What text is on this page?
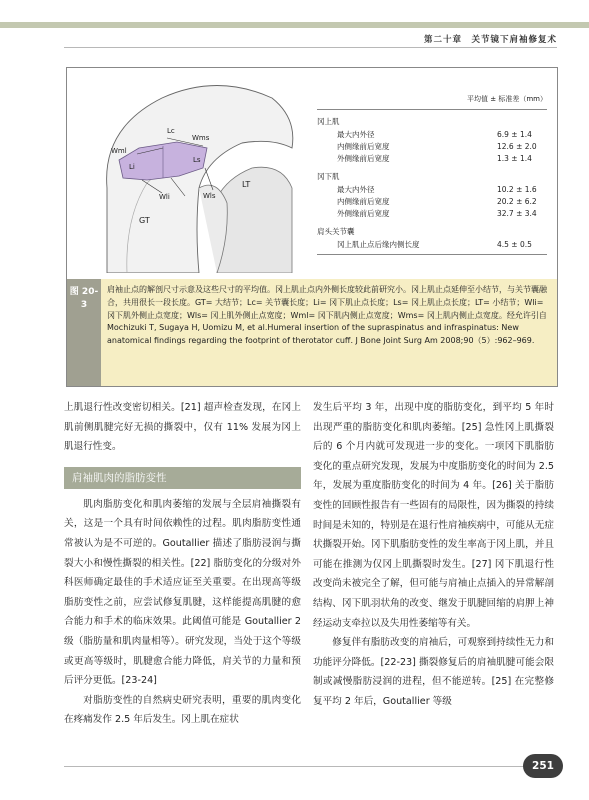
第二十章　关节镜下肩袖修复术
Lc
Wms
Wml
Ls
Li
Wli	Wls
LT
GT
平均值 ± 标准差（mm）
冈上肌
最大内外径	6.9 ± 1.4
内侧缘前后宽度	12.6 ± 2.0
外侧缘前后宽度	1.3 ± 1.4
冈下肌
最大内外径	10.2 ± 1.6
内侧缘前后宽度	20.2 ± 6.2
外侧缘前后宽度	32.7 ± 3.4
肩头关节囊
冈上肌止点后缘内侧长度	4.5 ± 0.5
图 20-3
肩袖止点的解剖尺寸示意及这些尺寸的平均值。冈上肌止点内外侧长度较此前研究小。冈上肌止点延伸至小结节，与关节囊融合，共用很长一段长度。GT= 大结节；Lc= 关节囊长度；Li= 冈下肌止点长度；Ls= 冈上肌止点长度；LT= 小结节；Wli= 冈下肌外侧止点宽度；Wls= 冈上肌外侧止点宽度；Wml= 冈下肌内侧止点宽度；Wms= 冈上肌内侧止点宽度。经允许引自 Mochizuki T, Sugaya H, Uomizu M, et al.Humeral insertion of the supraspinatus and infraspinatus: New anatomical findings regarding the footprint of therotator cuff. J Bone Joint Surg Am 2008;90（5）:962–969.

上肌退行性改变密切相关。[21] 超声检查发现，在冈上肌前侧肌腱完好无损的撕裂中，仅有 11% 发展为冈上肌退行性变。

肩袖肌肉的脂肪变性

肌肉脂肪变化和肌肉萎缩的发展与全层肩袖撕裂有关，这是一个具有时间依赖性的过程。肌肉脂肪变性通常被认为是不可逆的。Goutallier 描述了脂肪浸润与撕裂大小和慢性撕裂的相关性。[22] 脂肪变化的分级对外科医师确定最佳的手术适应证至关重要。在出现高等级脂肪变性之前，应尝试修复肌腱，这样能提高肌腱的愈合能力和手术的临床效果。此阈值可能是 Goutallier 2 级（脂肪量和肌肉量相等）。研究发现，当处于这个等级或更高等级时，肌腱愈合能力降低，肩关节的力量和预后评分更低。[23-24]

对脂肪变性的自然病史研究表明，重要的肌肉变化在疼痛发作 2.5 年后发生。冈上肌在症状

发生后平均 3 年，出现中度的脂肪变化，到平均 5 年时出现严重的脂肪变化和肌肉萎缩。[25] 急性冈上肌撕裂后的 6 个月内就可发现进一步的变化。一项冈下肌脂肪变化的重点研究发现，发展为中度脂肪变化的时间为 2.5 年，发展为重度脂肪变化的时间为 4 年。[26] 关于脂肪变性的回顾性报告有一些固有的局限性，因为撕裂的持续时间是未知的，特别是在退行性肩袖疾病中，可能从无症状撕裂开始。冈下肌脂肪变性的发生率高于冈上肌，并且可能在推测为仅冈上肌撕裂时发生。[27] 冈下肌退行性改变尚未被完全了解，但可能与肩袖止点插入的异常解剖结构、冈下肌羽状角的改变、继发于肌腱回缩的肩胛上神经运动支牵拉以及失用性萎缩等有关。

修复伴有脂肪改变的肩袖后，可观察到持续性无力和功能评分降低。[22-23] 撕裂修复后的肩袖肌腱可能会限制或减慢脂肪浸润的进程，但不能逆转。[25] 在完整修复平均 2 年后，Goutallier 等级

251
